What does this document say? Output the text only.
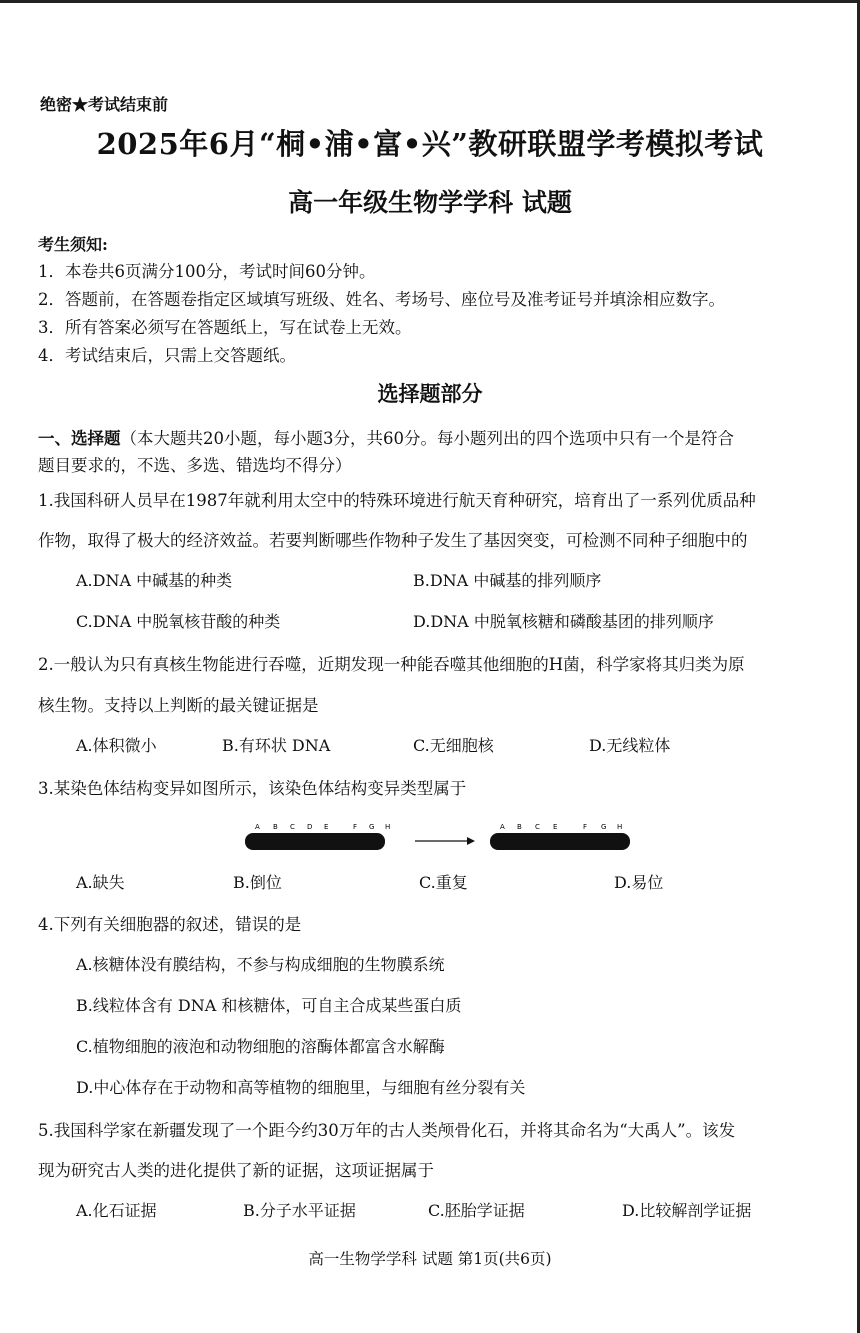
绝密★考试结束前
2025年6月“桐•浦•富•兴”教研联盟学考模拟考试
高一年级生物学学科 试题
考生须知:
1．本卷共6页满分100分，考试时间60分钟。
2．答题前，在答题卷指定区域填写班级、姓名、考场号、座位号及准考证号并填涂相应数字。
3．所有答案必须写在答题纸上，写在试卷上无效。
4．考试结束后，只需上交答题纸。
选择题部分
一、选择题（本大题共20小题，每小题3分，共60分。每小题列出的四个选项中只有一个是符合
题目要求的，不选、多选、错选均不得分）
1.我国科研人员早在1987年就利用太空中的特殊环境进行航天育种研究，培育出了一系列优质品种
作物，取得了极大的经济效益。若要判断哪些作物种子发生了基因突变，可检测不同种子细胞中的
A.DNA 中碱基的种类	B.DNA 中碱基的排列顺序
C.DNA 中脱氧核苷酸的种类	D.DNA 中脱氧核糖和磷酸基团的排列顺序
2.一般认为只有真核生物能进行吞噬，近期发现一种能吞噬其他细胞的H菌，科学家将其归类为原
核生物。支持以上判断的最关键证据是
A.体积微小	B.有环状 DNA	C.无细胞核	D.无线粒体
3.某染色体结构变异如图所示，该染色体结构变异类型属于
A B C D E	F G H	A B C E	F G H
A.缺失	B.倒位	C.重复	D.易位
4.下列有关细胞器的叙述，错误的是
A.核糖体没有膜结构，不参与构成细胞的生物膜系统
B.线粒体含有 DNA 和核糖体，可自主合成某些蛋白质
C.植物细胞的液泡和动物细胞的溶酶体都富含水解酶
D.中心体存在于动物和高等植物的细胞里，与细胞有丝分裂有关
5.我国科学家在新疆发现了一个距今约30万年的古人类颅骨化石，并将其命名为“大禹人”。该发
现为研究古人类的进化提供了新的证据，这项证据属于
A.化石证据	B.分子水平证据	C.胚胎学证据	D.比较解剖学证据
高一生物学学科 试题 第1页(共6页)
